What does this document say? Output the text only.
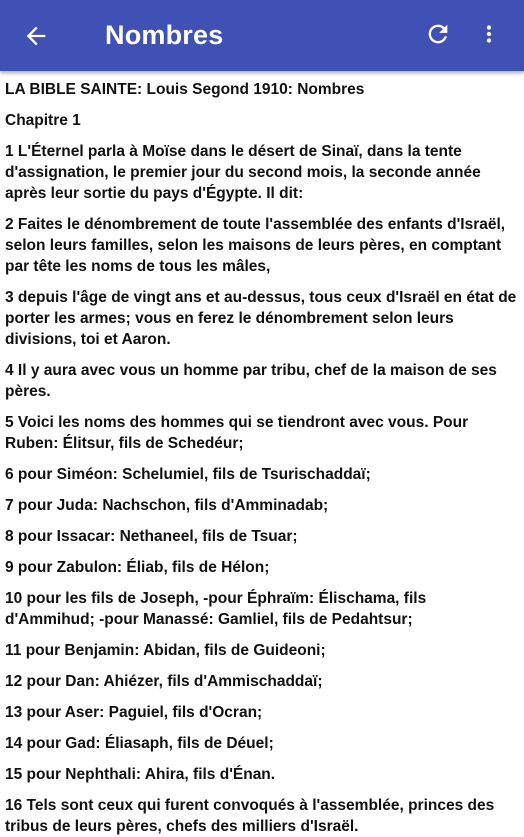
Nombres

LA BIBLE SAINTE: Louis Segond 1910: Nombres

Chapitre 1

1 L'Éternel parla à Moïse dans le désert de Sinaï, dans la tente d'assignation, le premier jour du second mois, la seconde année après leur sortie du pays d'Égypte. Il dit:

2 Faites le dénombrement de toute l'assemblée des enfants d'Israël, selon leurs familles, selon les maisons de leurs pères, en comptant par tête les noms de tous les mâles,

3 depuis l'âge de vingt ans et au-dessus, tous ceux d'Israël en état de porter les armes; vous en ferez le dénombrement selon leurs divisions, toi et Aaron.

4 Il y aura avec vous un homme par tribu, chef de la maison de ses pères.

5 Voici les noms des hommes qui se tiendront avec vous. Pour Ruben: Élitsur, fils de Schedéur;

6 pour Siméon: Schelumiel, fils de Tsurischaddaï;

7 pour Juda: Nachschon, fils d'Amminadab;

8 pour Issacar: Nethaneel, fils de Tsuar;

9 pour Zabulon: Éliab, fils de Hélon;

10 pour les fils de Joseph, -pour Éphraïm: Élischama, fils d'Ammihud; -pour Manassé: Gamliel, fils de Pedahtsur;

11 pour Benjamin: Abidan, fils de Guideoni;

12 pour Dan: Ahiézer, fils d'Ammischaddaï;

13 pour Aser: Paguiel, fils d'Ocran;

14 pour Gad: Éliasaph, fils de Déuel;

15 pour Nephthali: Ahira, fils d'Énan.

16 Tels sont ceux qui furent convoqués à l'assemblée, princes des tribus de leurs pères, chefs des milliers d'Israël.
